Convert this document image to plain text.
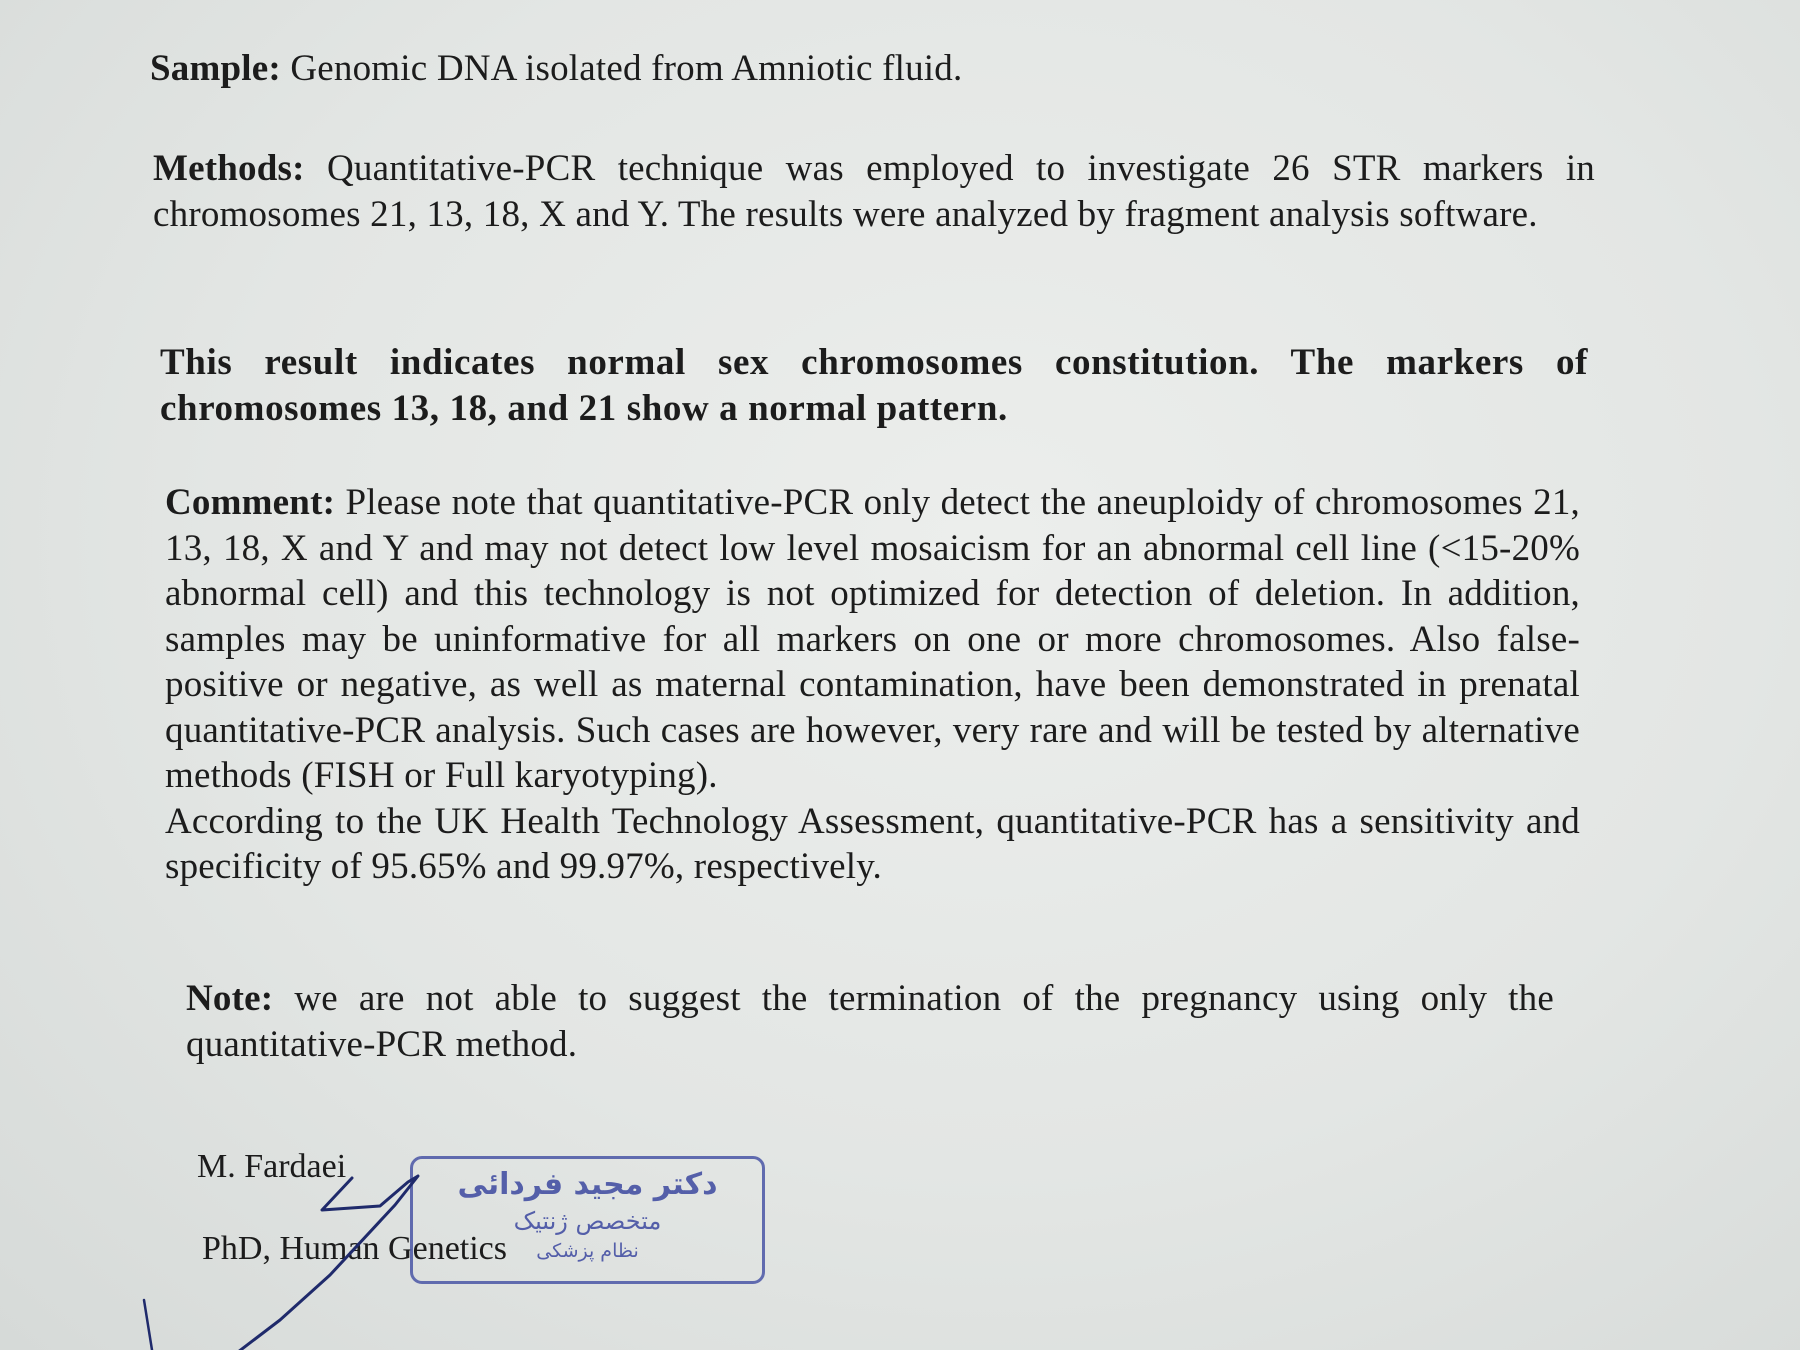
Sample: Genomic DNA isolated from Amniotic fluid.
Methods: Quantitative-PCR technique was employed to investigate 26 STR markers in chromosomes 21, 13, 18, X and Y. The results were analyzed by fragment analysis software.
This result indicates normal sex chromosomes constitution. The markers of chromosomes 13, 18, and 21 show a normal pattern.

Comment: Please note that quantitative-PCR only detect the aneuploidy of chromosomes 21, 13, 18, X and Y and may not detect low level mosaicism for an abnormal cell line (<15-20% abnormal cell) and this technology is not optimized for detection of deletion. In addition, samples may be uninformative for all markers on one or more chromosomes. Also false-positive or negative, as well as maternal contamination, have been demonstrated in prenatal quantitative-PCR analysis. Such cases are however, very rare and will be tested by alternative methods (FISH or Full karyotyping).

According to the UK Health Technology Assessment, quantitative-PCR has a sensitivity and specificity of 95.65% and 99.97%, respectively.

Note: we are not able to suggest the termination of the pregnancy using only the quantitative-PCR method.
M. Fardaei
PhD, Human Genetics
دکتر مجید فردائی
متخصص ژنتیک
نظام پزشکی
